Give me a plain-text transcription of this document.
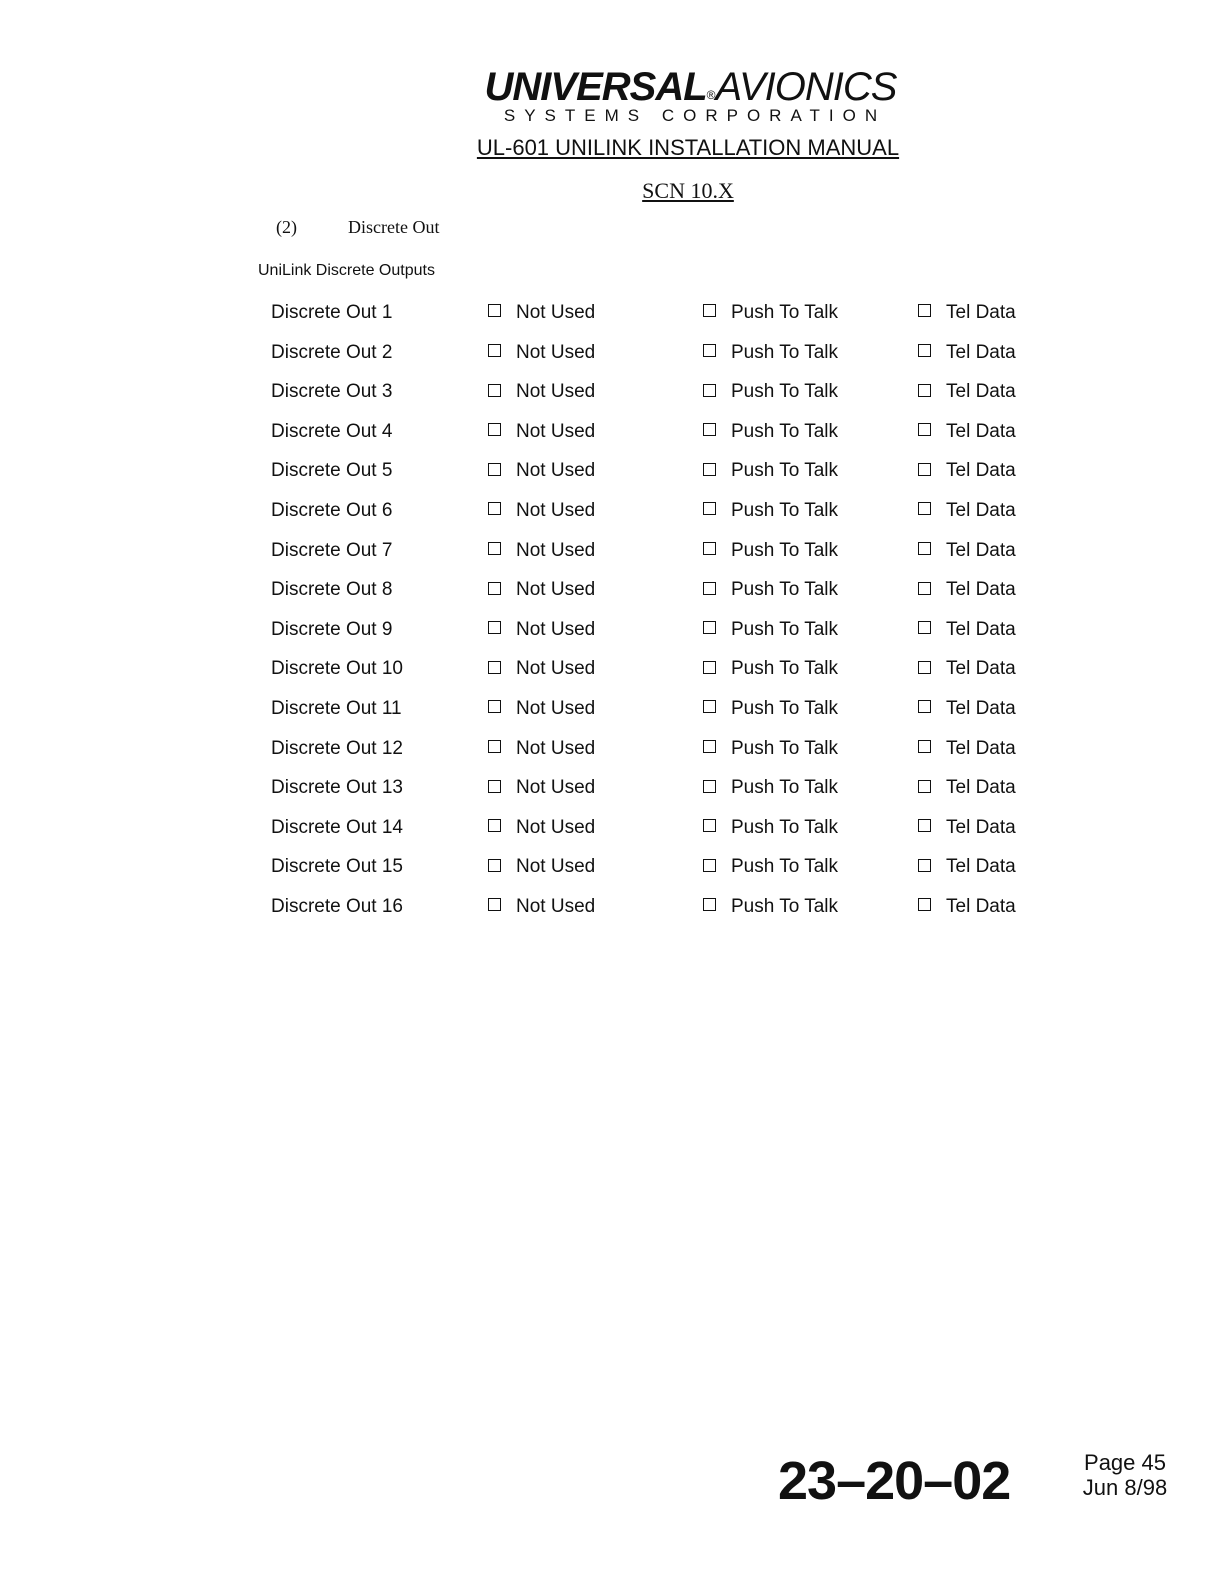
UNIVERSAL®AVIONICS
SYSTEMS CORPORATION
UL-601 UNILINK INSTALLATION MANUAL
SCN 10.X
(2)	Discrete Out
UniLink Discrete Outputs
Discrete Out 1	Not Used	Push To Talk	Tel Data
Discrete Out 2	Not Used	Push To Talk	Tel Data
Discrete Out 3	Not Used	Push To Talk	Tel Data
Discrete Out 4	Not Used	Push To Talk	Tel Data
Discrete Out 5	Not Used	Push To Talk	Tel Data
Discrete Out 6	Not Used	Push To Talk	Tel Data
Discrete Out 7	Not Used	Push To Talk	Tel Data
Discrete Out 8	Not Used	Push To Talk	Tel Data
Discrete Out 9	Not Used	Push To Talk	Tel Data
Discrete Out 10	Not Used	Push To Talk	Tel Data
Discrete Out 11	Not Used	Push To Talk	Tel Data
Discrete Out 12	Not Used	Push To Talk	Tel Data
Discrete Out 13	Not Used	Push To Talk	Tel Data
Discrete Out 14	Not Used	Push To Talk	Tel Data
Discrete Out 15	Not Used	Push To Talk	Tel Data
Discrete Out 16	Not Used	Push To Talk	Tel Data
23–20–02	Page 45
Jun 8/98
